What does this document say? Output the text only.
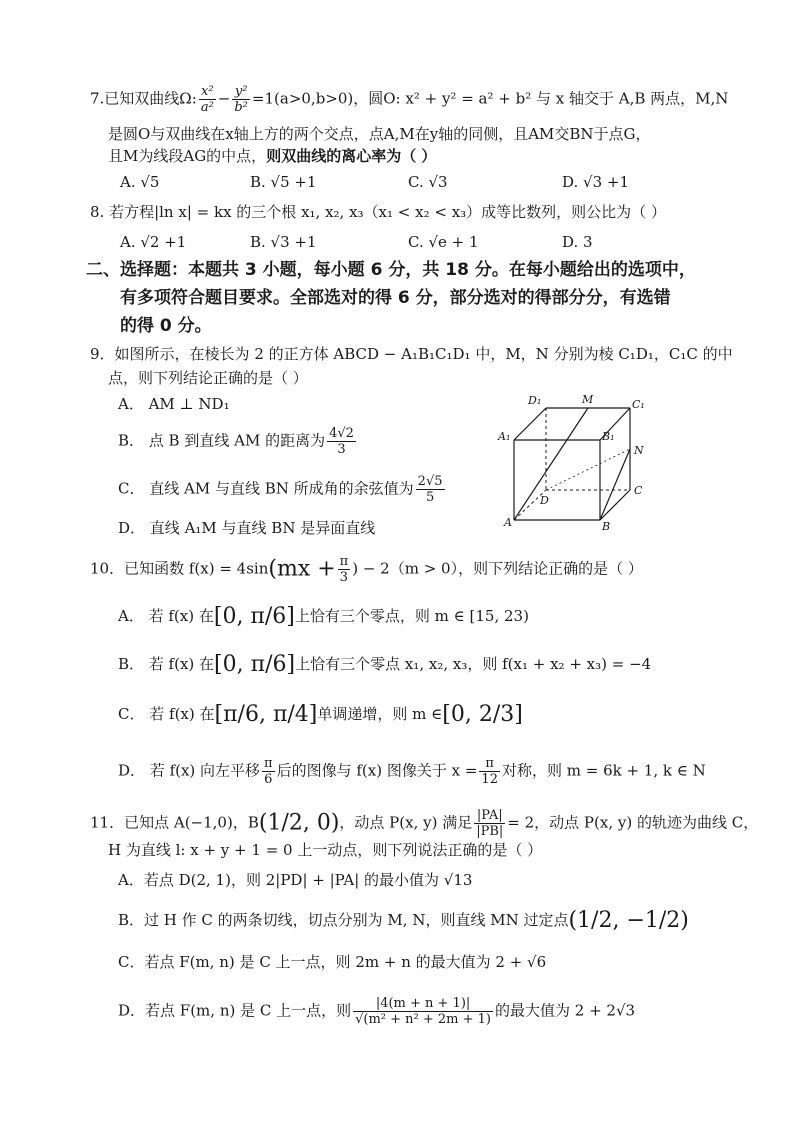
7.已知双曲线Ω: $\frac{\text{x²}}{\text{a²}} - \frac{\text{y²}}{\text{b²}} =1(a>0,b>0)$，圆O: x² + y² = a² + b² 与 x 轴交于 A,B 两点，M,N
是圆O与双曲线在x轴上方的两个交点，点A,M在y轴的同侧，且AM交BN于点G，
且M为线段AG的中点，则双曲线的离心率为（ ）
A. √5	B. √5 +1	C. √3	D. √3 +1
8. 若方程|ln x| = kx 的三个根 x₁, x₂, x₃（x₁ < x₂ < x₃）成等比数列，则公比为（ ）
A. √2 +1	B. √3 +1	C. √e + 1	D. 3
二、选择题：本题共 3 小题，每小题 6 分，共 18 分。在每小题给出的选项中，
有多项符合题目要求。全部选对的得 6 分，部分选对的得部分分，有选错
的得 0 分。
9．如图所示，在棱长为 2 的正方体 ABCD − A₁B₁C₁D₁ 中，M，N 分别为棱 C₁D₁，C₁C 的中
点，则下列结论正确的是（ ）
A． AM ⊥ ND₁
B． 点 B 到直线 AM 的距离为 $\frac{4√2}{3}$
C． 直线 AM 与直线 BN 所成角的余弦值为 $\frac{2√5}{5}$
D． 直线 A₁M 与直线 BN 是异面直线
D₁	M	C₁
A₁	B₁
N
D
C
A	B
10．已知函数 $f(x) = 4\sin(mx + \frac{\pi}{3}$ ) − 2（m > 0），则下列结论正确的是（ ）
A． 若 f(x) 在[0, π/6]上恰有三个零点，则 m ∈ [15, 23)
B． 若 f(x) 在[0, π/6]上恰有三个零点 x₁, x₂, x₃，则 f(x₁ + x₂ + x₃) = −4
C． 若 f(x) 在[π/6, π/4]单调递增，则 m ∈[0, 2/3]
D． 若 f(x) 向左平移 $\frac{\pi}{6}$ 后的图像与 f(x) 图像关于 $x = \frac{\pi}{12}$ 对称，则 m = 6k + 1, k ∈ N
11．已知点 A(−1,0)，B(1/2, 0)，动点 P(x, y) 满足 $\frac{|PA|}{|PB|} = 2$，动点 P(x, y) 的轨迹为曲线 C，
H 为直线 l: x + y + 1 = 0 上一动点，则下列说法正确的是（ ）
A．若点 D(2, 1)，则 2|PD| + |PA| 的最小值为 √13
B．过 H 作 C 的两条切线，切点分别为 M, N，则直线 MN 过定点(1/2, −1/2)
C．若点 F(m, n) 是 C 上一点，则 2m + n 的最大值为 2 + √6
D．若点 F(m, n) 是 C 上一点，则 $\frac{|4(m + n + 1)|}{\text{√(m² + n² + 2m + 1)}}$ 的最大值为 2 + 2√3
